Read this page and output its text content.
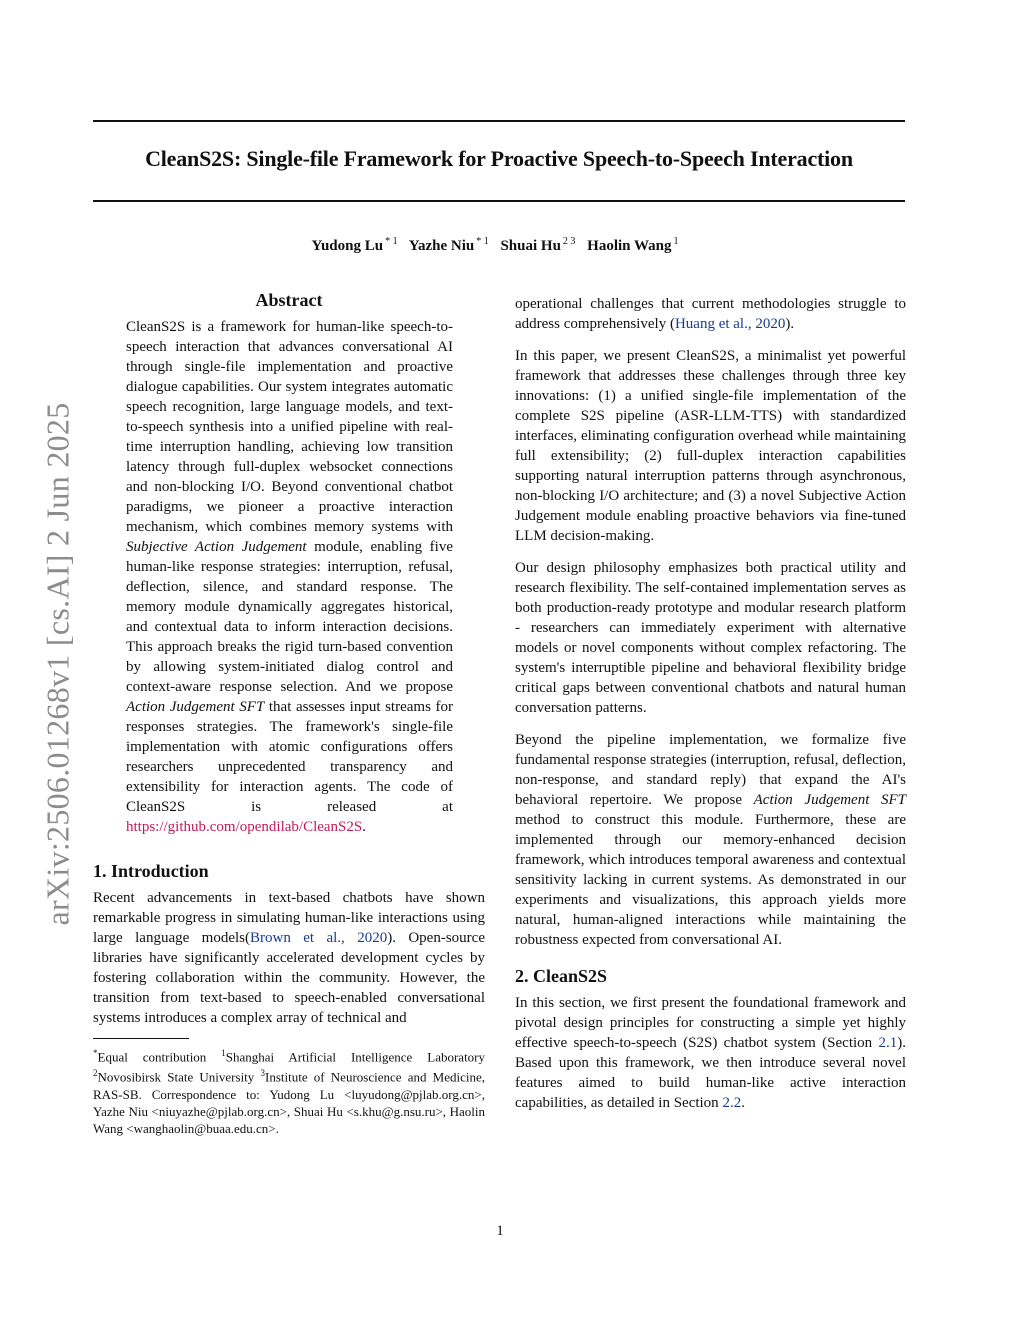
CleanS2S: Single-file Framework for Proactive Speech-to-Speech Interaction
Yudong Lu $^{* 1}$ Yazhe Niu $^{* 1}$ Shuai Hu $^{2 3}$ Haolin Wang $^1$
arXiv:2506.01268v1 [cs.AI] 2 Jun 2025
Abstract

CleanS2S is a framework for human-like speech-to-speech interaction that advances conversational AI through single-file implementation and proactive dialogue capabilities. Our system integrates automatic speech recognition, large language models, and text-to-speech synthesis into a unified pipeline with real-time interruption handling, achieving low transition latency through full-duplex websocket connections and non-blocking I/O. Beyond conventional chatbot paradigms, we pioneer a proactive interaction mechanism, which combines memory systems with Subjective Action Judgement module, enabling five human-like response strategies: interruption, refusal, deflection, silence, and standard response. The memory module dynamically aggregates historical, and contextual data to inform interaction decisions. This approach breaks the rigid turn-based convention by allowing system-initiated dialog control and context-aware response selection. And we propose Action Judgement SFT that assesses input streams for responses strategies. The framework's single-file implementation with atomic configurations offers researchers unprecedented transparency and extensibility for interaction agents. The code of CleanS2S is released at https://github.com/opendilab/CleanS2S.

1. Introduction

Recent advancements in text-based chatbots have shown remarkable progress in simulating human-like interactions using large language models(Brown et al., 2020). Open-source libraries have significantly accelerated development cycles by fostering collaboration within the community. However, the transition from text-based to speech-enabled conversational systems introduces a complex array of technical and

*Equal contribution $^1$Shanghai Artificial Intelligence Laboratory $^2$Novosibirsk State University $^3$Institute of Neuroscience and Medicine, RAS-SB. Correspondence to: Yudong Lu <luyudong@pjlab.org.cn>, Yazhe Niu <niuyazhe@pjlab.org.cn>, Shuai Hu <s.khu@g.nsu.ru>, Haolin Wang <wanghaolin@buaa.edu.cn>.

operational challenges that current methodologies struggle to address comprehensively (Huang et al., 2020).

In this paper, we present CleanS2S, a minimalist yet powerful framework that addresses these challenges through three key innovations: (1) a unified single-file implementation of the complete S2S pipeline (ASR-LLM-TTS) with standardized interfaces, eliminating configuration overhead while maintaining full extensibility; (2) full-duplex interaction capabilities supporting natural interruption patterns through asynchronous, non-blocking I/O architecture; and (3) a novel Subjective Action Judgement module enabling proactive behaviors via fine-tuned LLM decision-making.

Our design philosophy emphasizes both practical utility and research flexibility. The self-contained implementation serves as both production-ready prototype and modular research platform - researchers can immediately experiment with alternative models or novel components without complex refactoring. The system's interruptible pipeline and behavioral flexibility bridge critical gaps between conventional chatbots and natural human conversation patterns.

Beyond the pipeline implementation, we formalize five fundamental response strategies (interruption, refusal, deflection, non-response, and standard reply) that expand the AI's behavioral repertoire. We propose Action Judgement SFT method to construct this module. Furthermore, these are implemented through our memory-enhanced decision framework, which introduces temporal awareness and contextual sensitivity lacking in current systems. As demonstrated in our experiments and visualizations, this approach yields more natural, human-aligned interactions while maintaining the robustness expected from conversational AI.

2. CleanS2S

In this section, we first present the foundational framework and pivotal design principles for constructing a simple yet highly effective speech-to-speech (S2S) chatbot system (Section 2.1). Based upon this framework, we then introduce several novel features aimed to build human-like active interaction capabilities, as detailed in Section 2.2.

1
